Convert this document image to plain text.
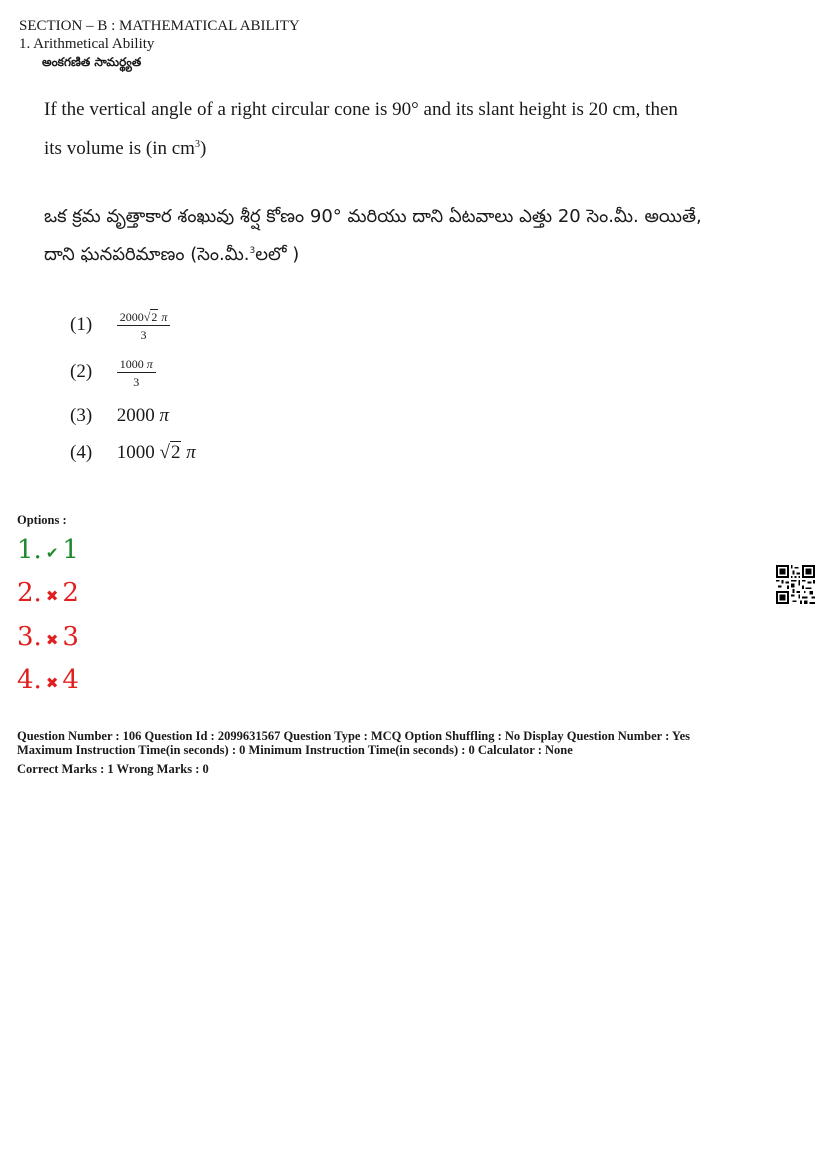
SECTION – B : MATHEMATICAL ABILITY
1. Arithmetical Ability
అంకగణిత సామర్థ్యత
If the vertical angle of a right circular cone is 90° and its slant height is 20 cm, then
its volume is (in $cm^3$)
ఒక క్రమ వృత్తాకార శంఖువు శీర్ష కోణం 90° మరియు దాని ఏటవాలు ఎత్తు 20 సెం.మీ. అయితే,
దాని ఘనపరిమాణం (సెం.మీ.$^3$లలో )
$(1) \frac{2000√2 \pi}{3}$
$(2) \frac{1000 \pi}{3}$
(3) 2000 π
(4) 1000 √2 π
Options :
1. ✔ 1
2. ✖ 2
3. ✖ 3
4. ✖ 4
Question Number : 106 Question Id : 2099631567 Question Type : MCQ Option Shuffling : No Display Question Number : Yes
Maximum Instruction Time(in seconds) : 0 Minimum Instruction Time(in seconds) : 0 Calculator : None
Correct Marks : 1 Wrong Marks : 0
